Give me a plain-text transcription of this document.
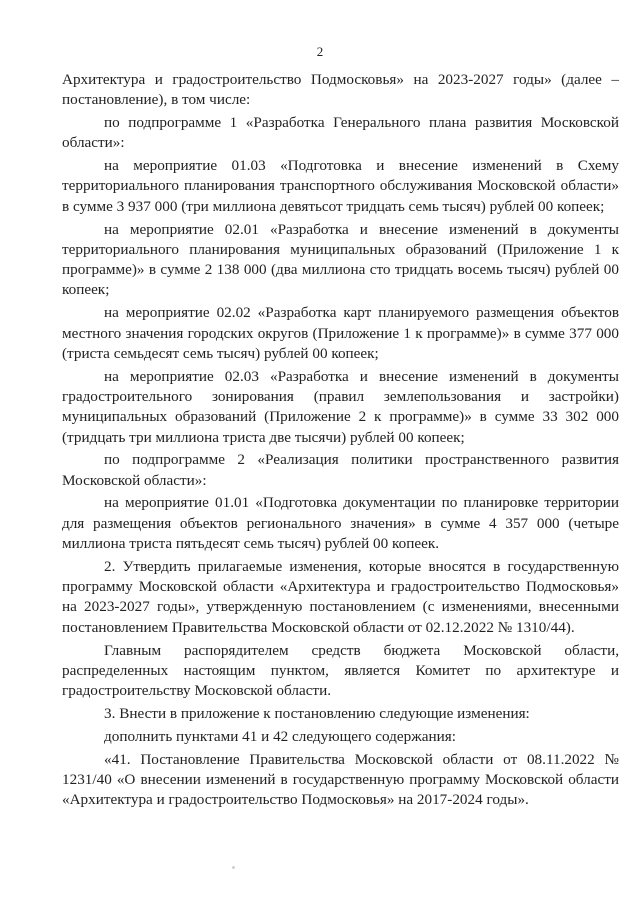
2

Архитектура и градостроительство Подмосковья» на 2023-2027 годы» (далее – постановление), в том числе:

по подпрограмме 1 «Разработка Генерального плана развития Московской области»:

на мероприятие 01.03 «Подготовка и внесение изменений в Схему территориального планирования транспортного обслуживания Московской области» в сумме 3 937 000 (три миллиона девятьсот тридцать семь тысяч) рублей 00 копеек;

на мероприятие 02.01 «Разработка и внесение изменений в документы территориального планирования муниципальных образований (Приложение 1 к программе)» в сумме 2 138 000 (два миллиона сто тридцать восемь тысяч) рублей 00 копеек;

на мероприятие 02.02 «Разработка карт планируемого размещения объектов местного значения городских округов (Приложение 1 к программе)» в сумме 377 000 (триста семьдесят семь тысяч) рублей 00 копеек;

на мероприятие 02.03 «Разработка и внесение изменений в документы градостроительного зонирования (правил землепользования и застройки) муниципальных образований (Приложение 2 к программе)» в сумме 33 302 000 (тридцать три миллиона триста две тысячи) рублей 00 копеек;

по подпрограмме 2 «Реализация политики пространственного развития Московской области»:

на мероприятие 01.01 «Подготовка документации по планировке территории для размещения объектов регионального значения» в сумме 4 357 000 (четыре миллиона триста пятьдесят семь тысяч) рублей 00 копеек.

2. Утвердить прилагаемые изменения, которые вносятся в государственную программу Московской области «Архитектура и градостроительство Подмосковья» на 2023-2027 годы», утвержденную постановлением (с изменениями, внесенными постановлением Правительства Московской области от 02.12.2022 № 1310/44).

Главным распорядителем средств бюджета Московской области, распределенных настоящим пунктом, является Комитет по архитектуре и градостроительству Московской области.

3. Внести в приложение к постановлению следующие изменения:

дополнить пунктами 41 и 42 следующего содержания:

«41. Постановление Правительства Московской области от 08.11.2022 № 1231/40 «О внесении изменений в государственную программу Московской области «Архитектура и градостроительство Подмосковья» на 2017-2024 годы».
